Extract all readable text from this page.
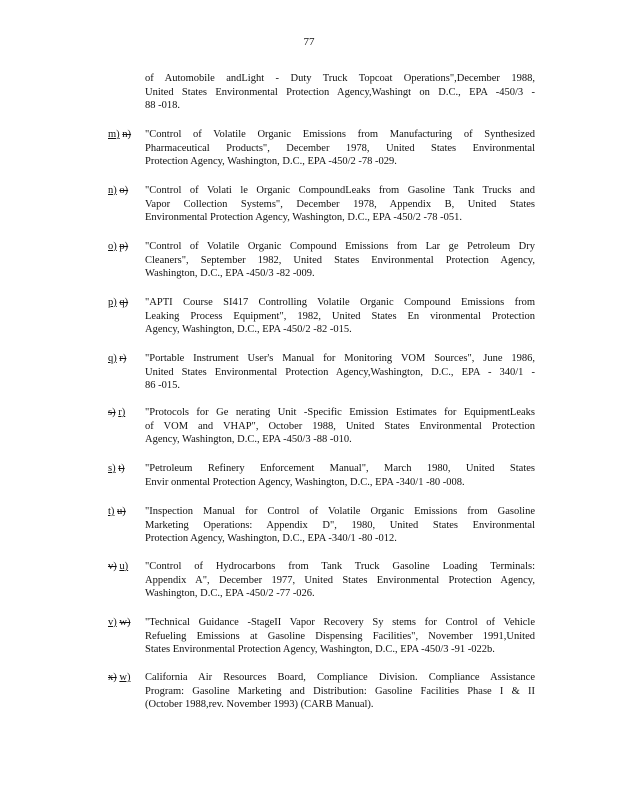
77
of Automobile andLight - Duty Truck Topcoat Operations",December 1988,
United States Environmental Protection Agency,Washingt on D.C., EPA -450/3 -
88 -018.
m) n)	"Control of Volatile Organic Emissions from Manufacturing of Synthesized
Pharmaceutical Products", December 1978, United States Environmental
Protection Agency, Washington, D.C., EPA -450/2 -78 -029.
n) o)	"Control of Volati le Organic CompoundLeaks from Gasoline Tank Trucks and
Vapor Collection Systems", December 1978, Appendix B, United States
Environmental Protection Agency, Washington, D.C., EPA -450/2 -78 -051.
o) p)	"Control of Volatile Organic Compound Emissions from Lar ge Petroleum Dry
Cleaners", September 1982, United States Environmental Protection Agency,
Washington, D.C., EPA -450/3 -82 -009.
p) q)	"APTI Course SI417 Controlling Volatile Organic Compound Emissions from
Leaking Process Equipment", 1982, United States En vironmental Protection
Agency, Washington, D.C., EPA -450/2 -82 -015.
q) r)	"Portable Instrument User's Manual for Monitoring VOM Sources", June 1986,
United States Environmental Protection Agency,Washington, D.C., EPA - 340/1 -
86 -015.
s) r)	"Protocols for Ge nerating Unit -Specific Emission Estimates for EquipmentLeaks
of VOM and VHAP", October 1988, United States Environmental Protection
Agency, Washington, D.C., EPA -450/3 -88 -010.
s) t)	"Petroleum Refinery Enforcement Manual", March 1980, United States
Envir onmental Protection Agency, Washington, D.C., EPA -340/1 -80 -008.
t) u)	"Inspection Manual for Control of Volatile Organic Emissions from Gasoline
Marketing Operations: Appendix D", 1980, United States Environmental
Protection Agency, Washington, D.C., EPA -340/1 -80 -012.
v) u)	"Control of Hydrocarbons from Tank Truck Gasoline Loading Terminals:
Appendix A", December 1977, United States Environmental Protection Agency,
Washington, D.C., EPA -450/2 -77 -026.
v) w)	"Technical Guidance -StageII Vapor Recovery Sy stems for Control of Vehicle
Refueling Emissions at Gasoline Dispensing Facilities", November 1991,United
States Environmental Protection Agency, Washington, D.C., EPA -450/3 -91 -022b.
x) w)	California Air Resources Board, Compliance Division. Compliance Assistance
Program: Gasoline Marketing and Distribution: Gasoline Facilities Phase I & II
(October 1988,rev. November 1993) (CARB Manual).
